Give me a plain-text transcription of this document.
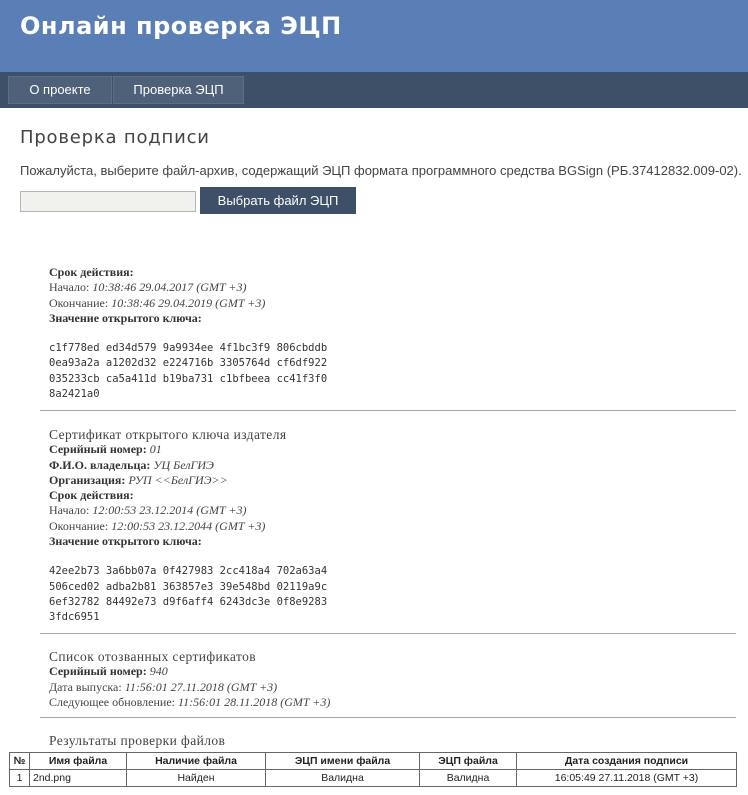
Онлайн проверка ЭЦП
О проекте	Проверка ЭЦП
Проверка подписи
Пожалуйста, выберите файл-архив, содержащий ЭЦП формата программного средства BGSign (РБ.37412832.009-02).
Выбрать файл ЭЦП
Срок действия:
Начало: 10:38:46 29.04.2017 (GMT +3)
Окончание: 10:38:46 29.04.2019 (GMT +3)
Значение открытого ключа:
c1f778ed ed34d579 9a9934ee 4f1bc3f9 806cbddb
0ea93a2a a1202d32 e224716b 3305764d cf6df922
035233cb ca5a411d b19ba731 c1bfbeea cc41f3f0
8a2421a0
Сертификат открытого ключа издателя
Серийный номер: 01
Ф.И.О. владельца: УЦ БелГИЭ
Организация: РУП <<БелГИЭ>>
Срок действия:
Начало: 12:00:53 23.12.2014 (GMT +3)
Окончание: 12:00:53 23.12.2044 (GMT +3)
Значение открытого ключа:
42ee2b73 3a6bb07a 0f427983 2cc418a4 702a63a4
506ced02 adba2b81 363857e3 39e548bd 02119a9c
6ef32782 84492e73 d9f6aff4 6243dc3e 0f8e9283
3fdc6951
Список отозванных сертификатов
Серийный номер: 940
Дата выпуска: 11:56:01 27.11.2018 (GMT +3)
Следующее обновление: 11:56:01 28.11.2018 (GMT +3)
Результаты проверки файлов
№	Имя файла	Наличие файла	ЭЦП имени файла	ЭЦП файла	Дата создания подписи
1	2nd.png	Найден	Валидна	Валидна	16:05:49 27.11.2018 (GMT +3)
